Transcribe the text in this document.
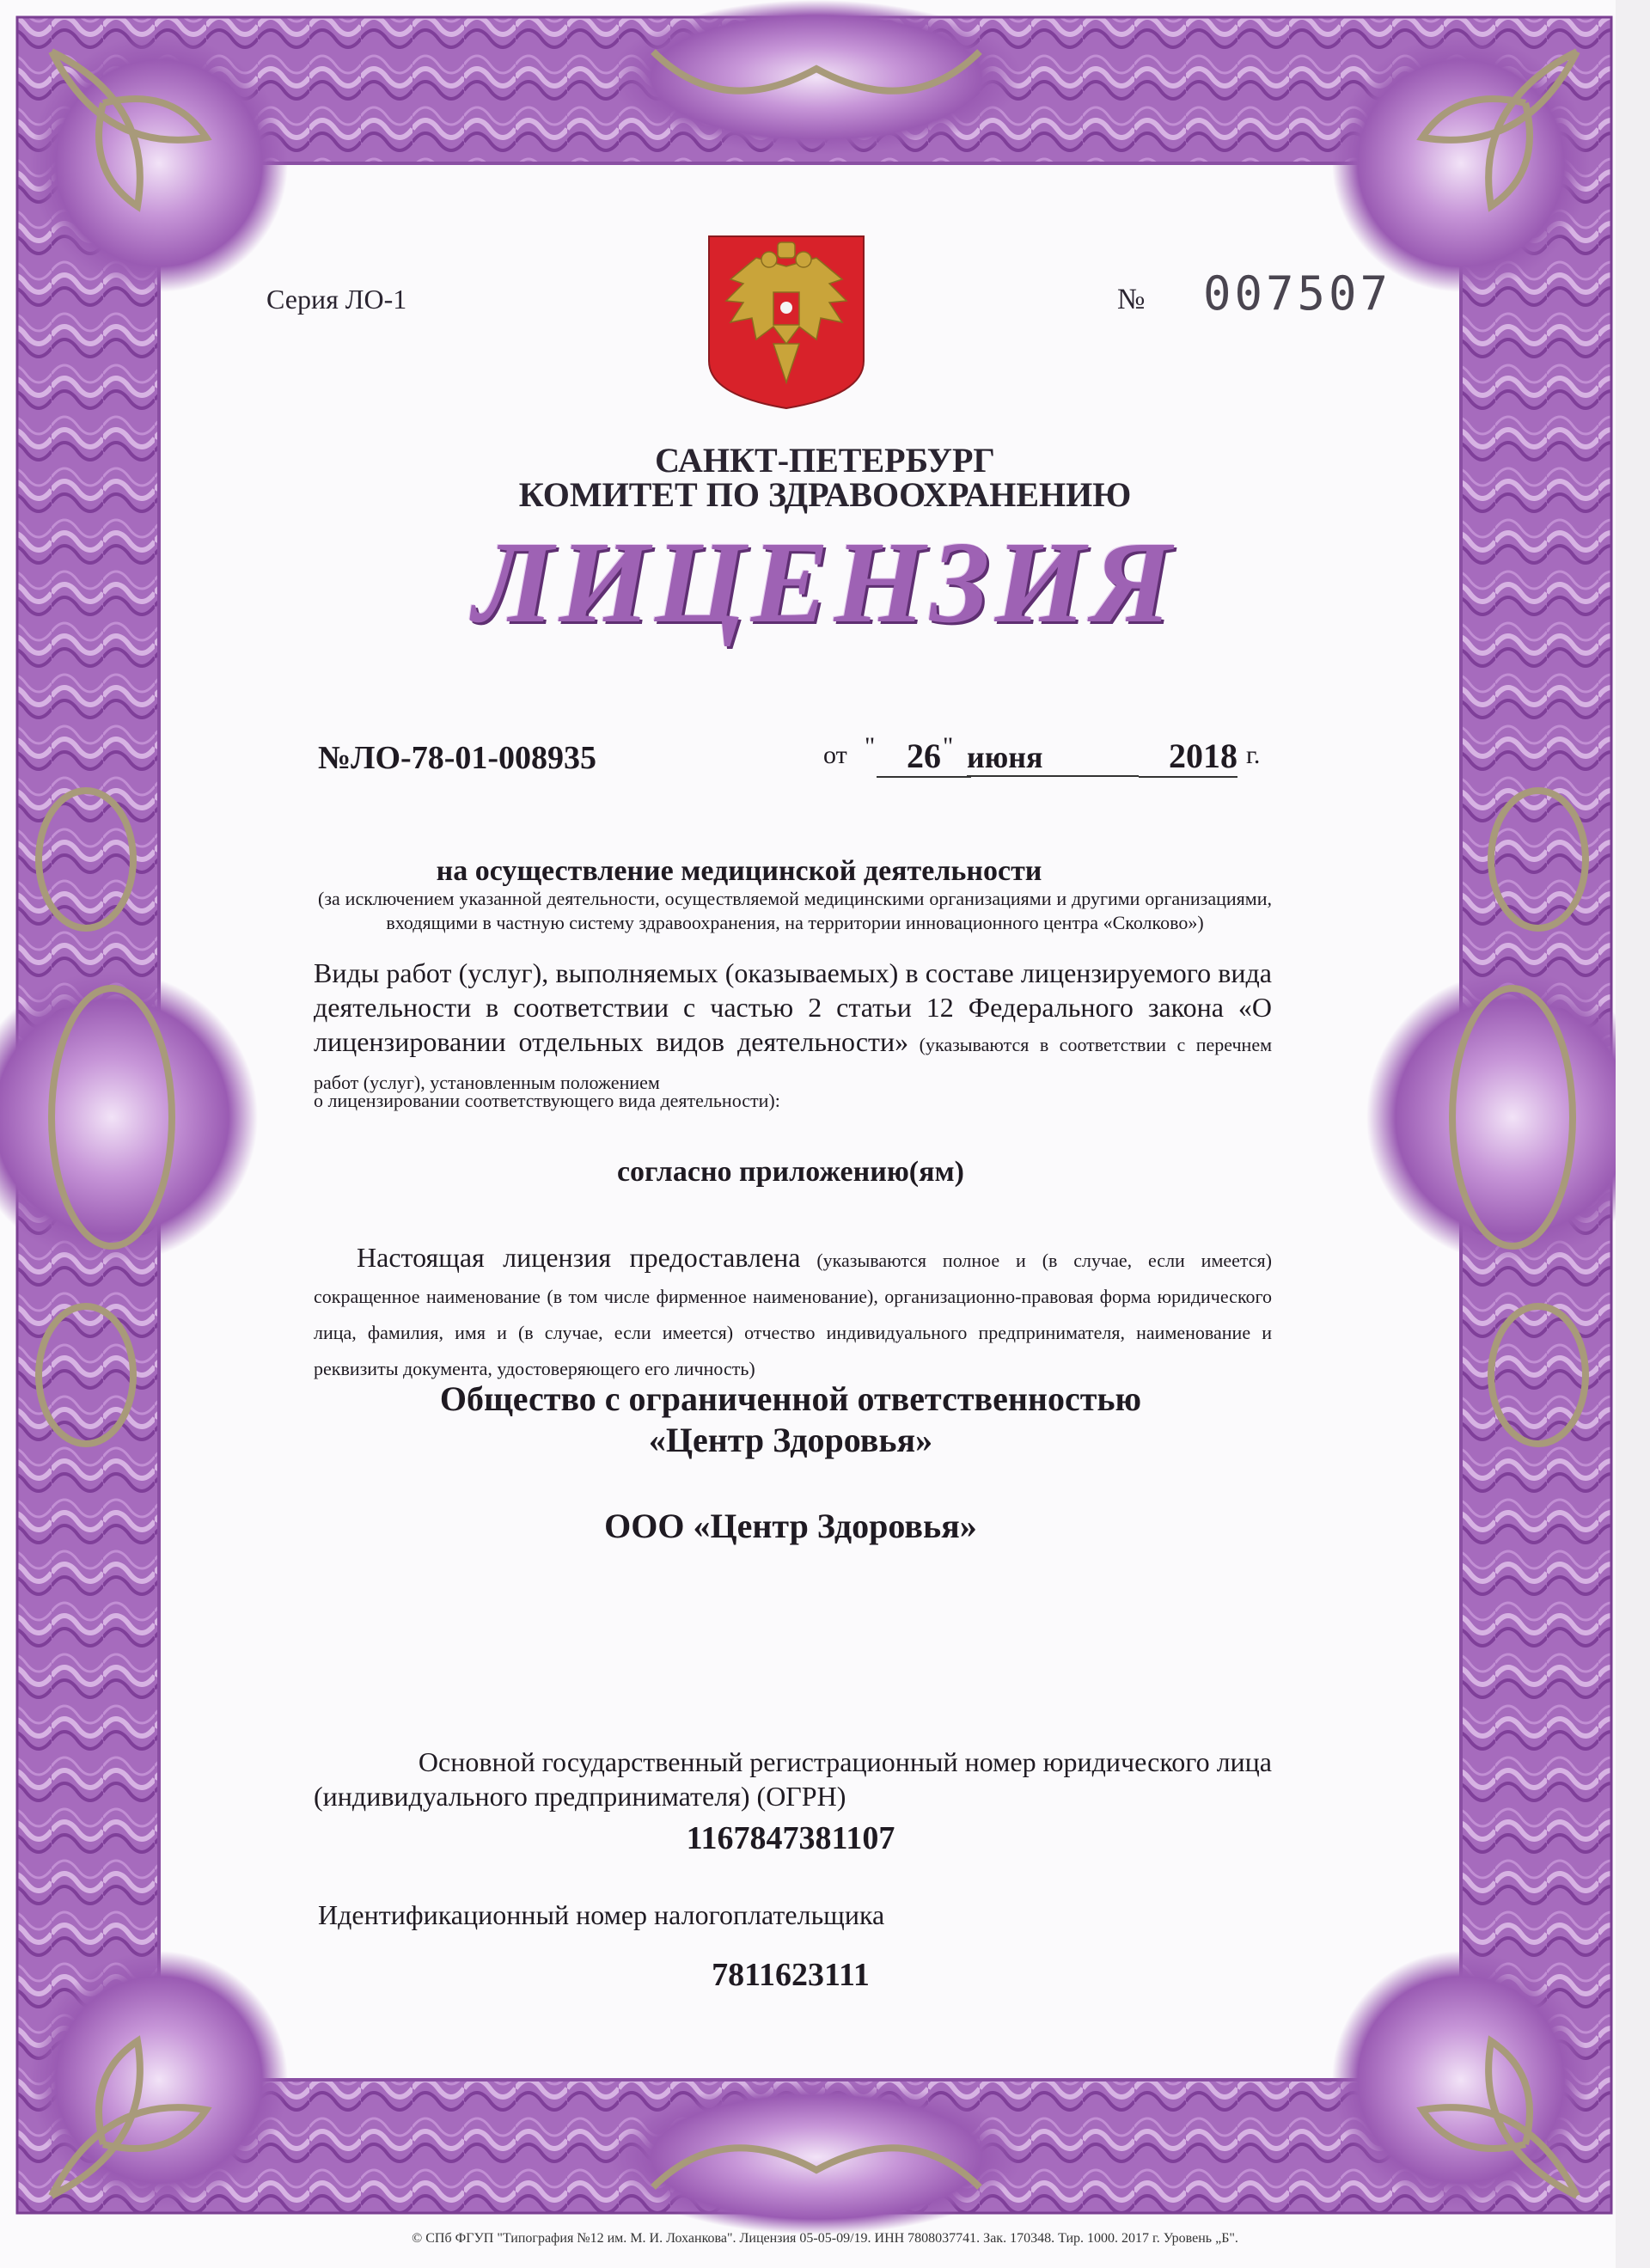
Серия ЛО-1	№ 007507
САНКТ-ПЕТЕРБУРГ
КОМИТЕТ ПО ЗДРАВООХРАНЕНИЮ
ЛИЦЕНЗИЯ
№ЛО-78-01-008935	от " 26 " июня	2018 г.
на осуществление медицинской деятельности
(за исключением указанной деятельности, осуществляемой медицинскими организациями и другими организациями, входящими в частную систему здравоохранения, на территории инновационного центра «Сколково»)
Виды работ (услуг), выполняемых (оказываемых) в составе лицензируемого вида деятельности в соответствии с частью 2 статьи 12 Федерального закона «О лицензировании отдельных видов деятельности» (указываются в соответствии с перечнем работ (услуг), установленным положением
о лицензировании соответствующего вида деятельности):
согласно приложению(ям)
Настоящая лицензия предоставлена (указываются полное и (в случае, если имеется) сокращенное наименование (в том числе фирменное наименование), организационно-правовая форма юридического лица, фамилия, имя и (в случае, если имеется) отчество индивидуального предпринимателя, наименование и реквизиты документа, удостоверяющего его личность)
Общество с ограниченной ответственностью
«Центр Здоровья»
ООО «Центр Здоровья»
Основной государственный регистрационный номер юридического лица
(индивидуального предпринимателя) (ОГРН)
1167847381107
Идентификационный номер налогоплательщика
7811623111
© СПб ФГУП "Типография №12 им. М. И. Лоханкова". Лицензия 05-05-09/19. ИНН 7808037741. Зак. 170348. Тир. 1000. 2017 г. Уровень „Б".
